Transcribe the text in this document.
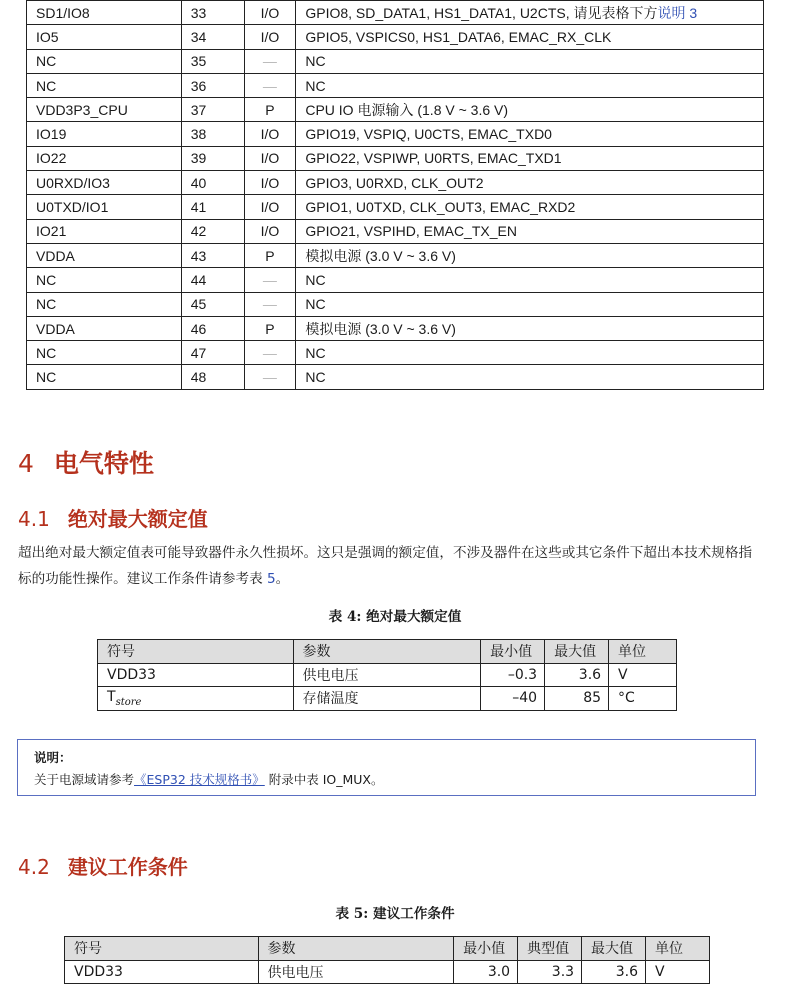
SD1/IO8	33	I/O	GPIO8, SD_DATA1, HS1_DATA1, U2CTS, 请见表格下方说明 3
IO5	34	I/O	GPIO5, VSPICS0, HS1_DATA6, EMAC_RX_CLK
NC	35	—	NC
NC	36	—	NC
VDD3P3_CPU	37	P	CPU IO 电源输入 (1.8 V ~ 3.6 V)
IO19	38	I/O	GPIO19, VSPIQ, U0CTS, EMAC_TXD0
IO22	39	I/O	GPIO22, VSPIWP, U0RTS, EMAC_TXD1
U0RXD/IO3	40	I/O	GPIO3, U0RXD, CLK_OUT2
U0TXD/IO1	41	I/O	GPIO1, U0TXD, CLK_OUT3, EMAC_RXD2
IO21	42	I/O	GPIO21, VSPIHD, EMAC_TX_EN
VDDA	43	P	模拟电源 (3.0 V ~ 3.6 V)
NC	44	—	NC
NC	45	—	NC
VDDA	46	P	模拟电源 (3.0 V ~ 3.6 V)
NC	47	—	NC
NC	48	—	NC
4 电气特性
4.1 绝对最大额定值

超出绝对最大额定值表可能导致器件永久性损坏。这只是强调的额定值，不涉及器件在这些或其它条件下超出本技术规格指标的功能性操作。建议工作条件请参考表 5。

表 4: 绝对最大额定值

符号	参数	最小值	最大值	单位
VDD33	供电电压	–0.3	3.6	V
$T_{store}$	存储温度	–40	85	°C
说明：
关于电源域请参考《ESP32 技术规格书》 附录中表 IO_MUX。
4.2 建议工作条件

表 5: 建议工作条件

符号	参数	最小值	典型值	最大值	单位
VDD33	供电电压	3.0	3.3	3.6	V
